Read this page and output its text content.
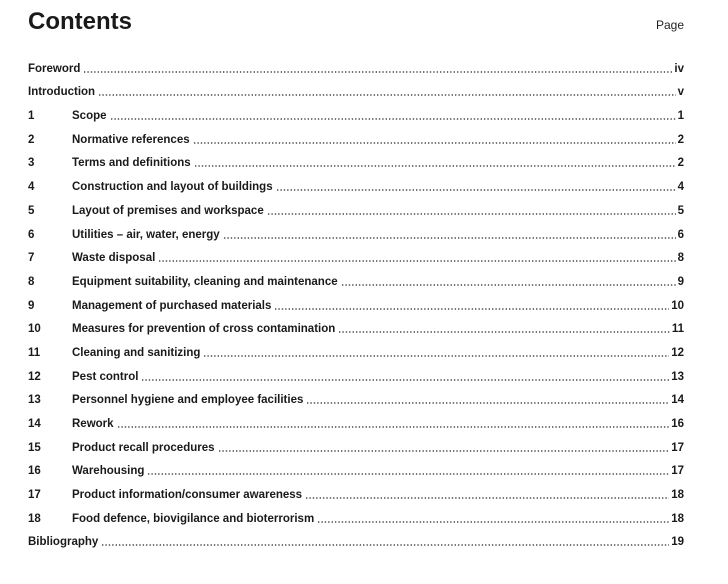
Contents	Page
Foreword	iv
Introduction	v
1	Scope	1
2	Normative references	2
3	Terms and definitions	2
4	Construction and layout of buildings	4
5	Layout of premises and workspace	5
6	Utilities – air, water, energy	6
7	Waste disposal	8
8	Equipment suitability, cleaning and maintenance	9
9	Management of purchased materials	10
10	Measures for prevention of cross contamination	11
11	Cleaning and sanitizing	12
12	Pest control	13
13	Personnel hygiene and employee facilities	14
14	Rework	16
15	Product recall procedures	17
16	Warehousing	17
17	Product information/consumer awareness	18
18	Food defence, biovigilance and bioterrorism	18
Bibliography	19
